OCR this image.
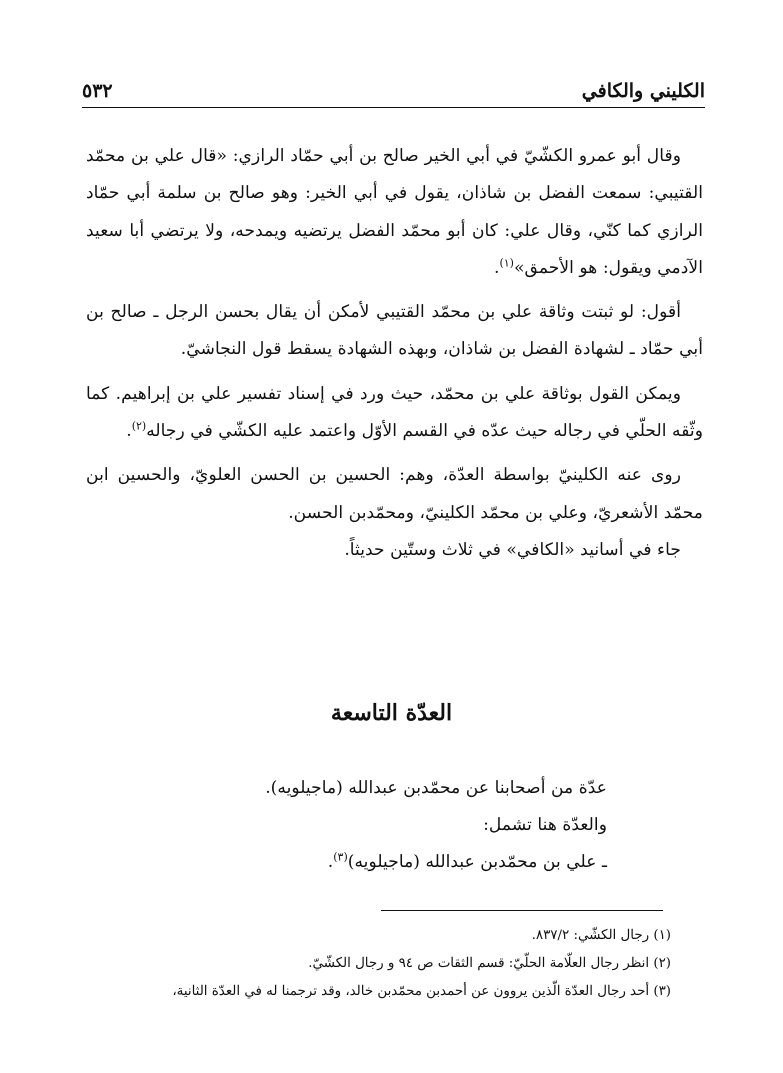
الكليني والكافي
٥٣٢

وقال أبو عمرو الكشّيّ في أبي الخير صالح بن أبي حمّاد الرازي: «قال علي بن محمّد القتيبي: سمعت الفضل بن شاذان، يقول في أبي الخير: وهو صالح بن سلمة أبي حمّاد الرازي كما كنّي، وقال علي: كان أبو محمّد الفضل يرتضيه ويمدحه، ولا يرتضي أبا سعيد الآدمي ويقول: هو الأحمق»$^{(١)}$.

أقول: لو ثبتت وثاقة علي بن محمّد القتيبي لأمكن أن يقال بحسن الرجل ـ صالح بن أبي حمّاد ـ لشهادة الفضل بن شاذان، وبهذه الشهادة يسقط قول النجاشيّ.

ويمكن القول بوثاقة علي بن محمّد، حيث ورد في إسناد تفسير علي بن إبراهيم. كما وثّقه الحلّي في رجاله حيث عدّه في القسم الأوّل واعتمد عليه الكشّي في رجاله$^{(٢)}$.

روى عنه الكلينيّ بواسطة العدّة، وهم: الحسين بن الحسن العلويّ، والحسين ابن محمّد الأشعريّ، وعلي بن محمّد الكلينيّ، ومحمّدبن الحسن.

جاء في أسانيد «الكافي» في ثلاث وستّين حديثاً.

العدّة التاسعة

عدّة من أصحابنا عن محمّدبن عبدالله (ماجيلويه).

والعدّة هنا تشمل:

ـ علي بن محمّدبن عبدالله (ماجيلويه)$^{(٣)}$.

(١) رجال الكشّي: ٨٣٧/٢.

(٢) انظر رجال العلّامة الحلّيّ: قسم الثقات ص ٩٤ و رجال الكشّيّ.

(٣) أحد رجال العدّة الّذين يروون عن أحمدبن محمّدبن خالد، وقد ترجمنا له في العدّة الثانية،
